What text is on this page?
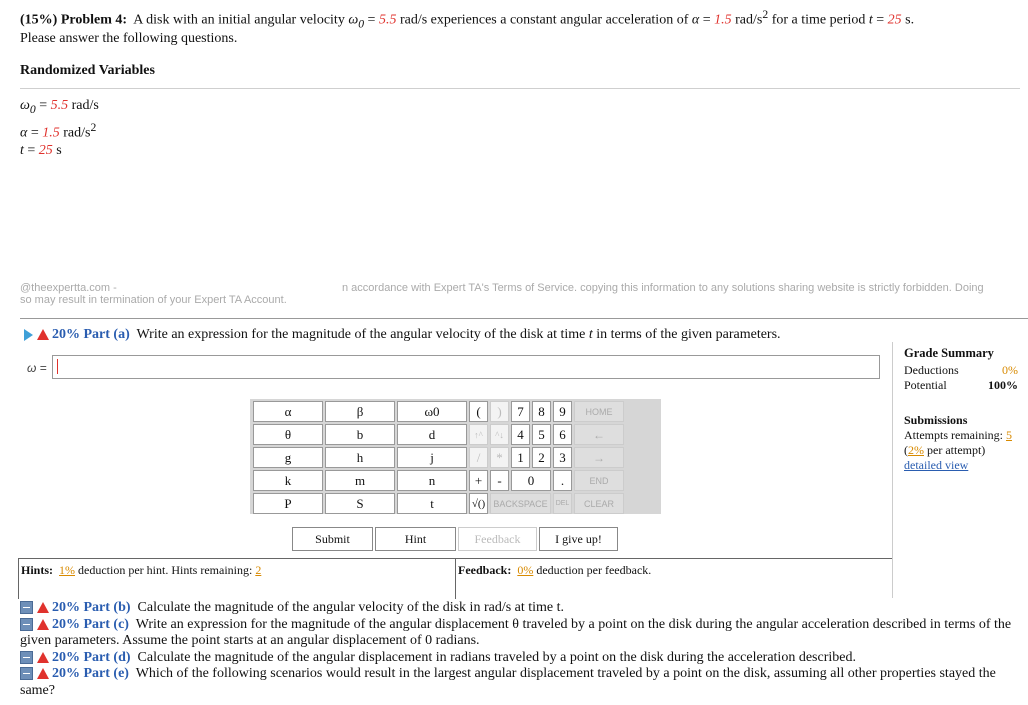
(15%) Problem 4: A disk with an initial angular velocity $\omega_0 = 5.5$ rad/s experiences a constant angular acceleration of α = 1.5 rad/$s^2$ for a time period t = 25 s.
Please answer the following questions.
Randomized Variables
$\omega_0 = 5.5$ rad/s
α = 1.5 rad/$s^2$
t = 25 s
@theexpertta.com -
so may result in termination of your Expert TA Account.
n accordance with Expert TA's Terms of Service. copying this information to any solutions sharing website is strictly forbidden. Doing
20% Part (a) Write an expression for the magnitude of the angular velocity of the disk at time t in terms of the given parameters.
ω =
α	β	ω0	(	)	7	8	9	HOME
θ	b	d	↑^	^↓	4	5	6	←
g	h	j	/	*	1	2	3	→
k	m	n	+	-	0		.	END
P	S	t	√()	BACKSPACE			DEL	CLEAR
Submit	Hint	Feedback	I give up!
Grade Summary
Deductions	0%
Potential	100%
Submissions
Attempts remaining: 5
(2% per attempt)
detailed view
Hints: 1% deduction per hint. Hints remaining: 2	Feedback: 0% deduction per feedback.
20% Part (b) Calculate the magnitude of the angular velocity of the disk in rad/s at time t.
20% Part (c) Write an expression for the magnitude of the angular displacement θ traveled by a point on the disk during the angular acceleration described in terms of the given parameters. Assume the point starts at an angular displacement of 0 radians.
20% Part (d) Calculate the magnitude of the angular displacement in radians traveled by a point on the disk during the acceleration described.
20% Part (e) Which of the following scenarios would result in the largest angular displacement traveled by a point on the disk, assuming all other properties stayed the same?
